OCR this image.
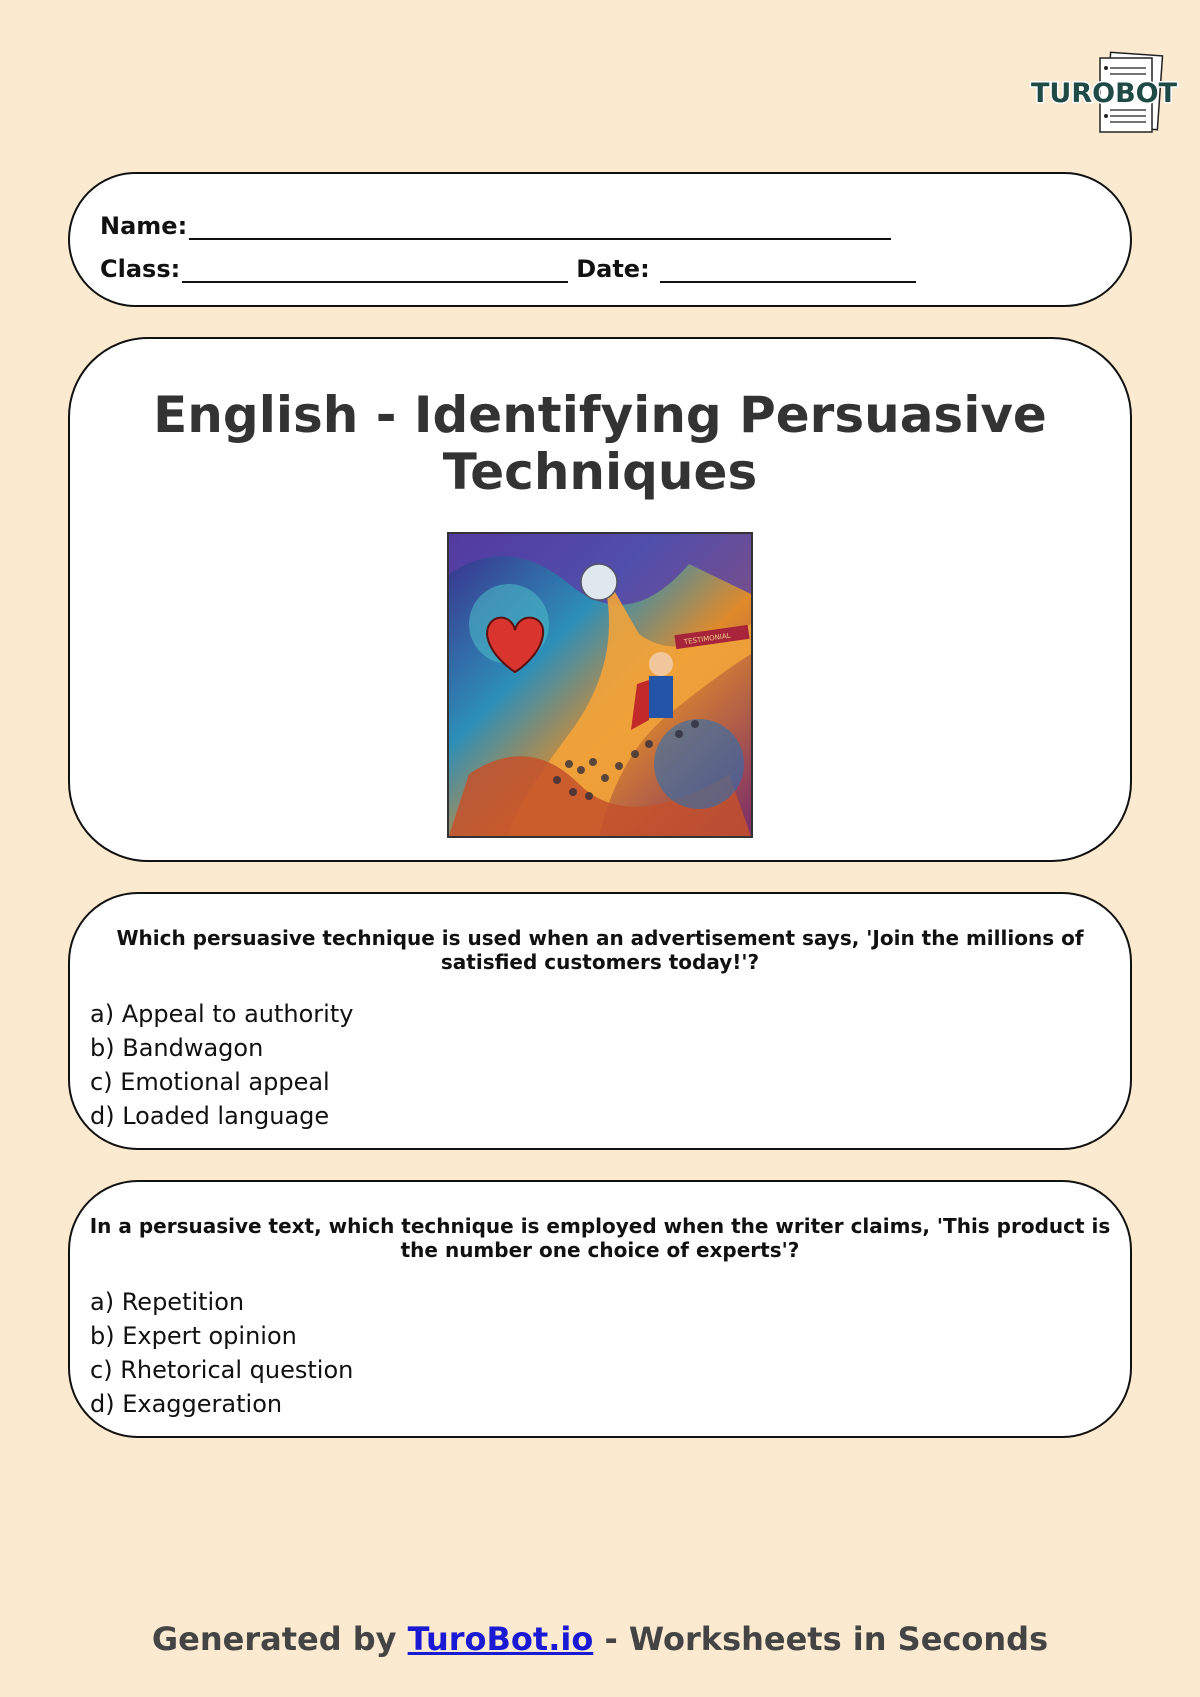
TUROBOT
Name:
Class:	Date:
English - Identifying Persuasive Techniques
TESTIMONIAL
Which persuasive technique is used when an advertisement says, 'Join the millions of satisfied customers today!'?
a) Appeal to authority
b) Bandwagon
c) Emotional appeal
d) Loaded language
In a persuasive text, which technique is employed when the writer claims, 'This product is the number one choice of experts'?
a) Repetition
b) Expert opinion
c) Rhetorical question
d) Exaggeration
Generated by TuroBot.io - Worksheets in Seconds
